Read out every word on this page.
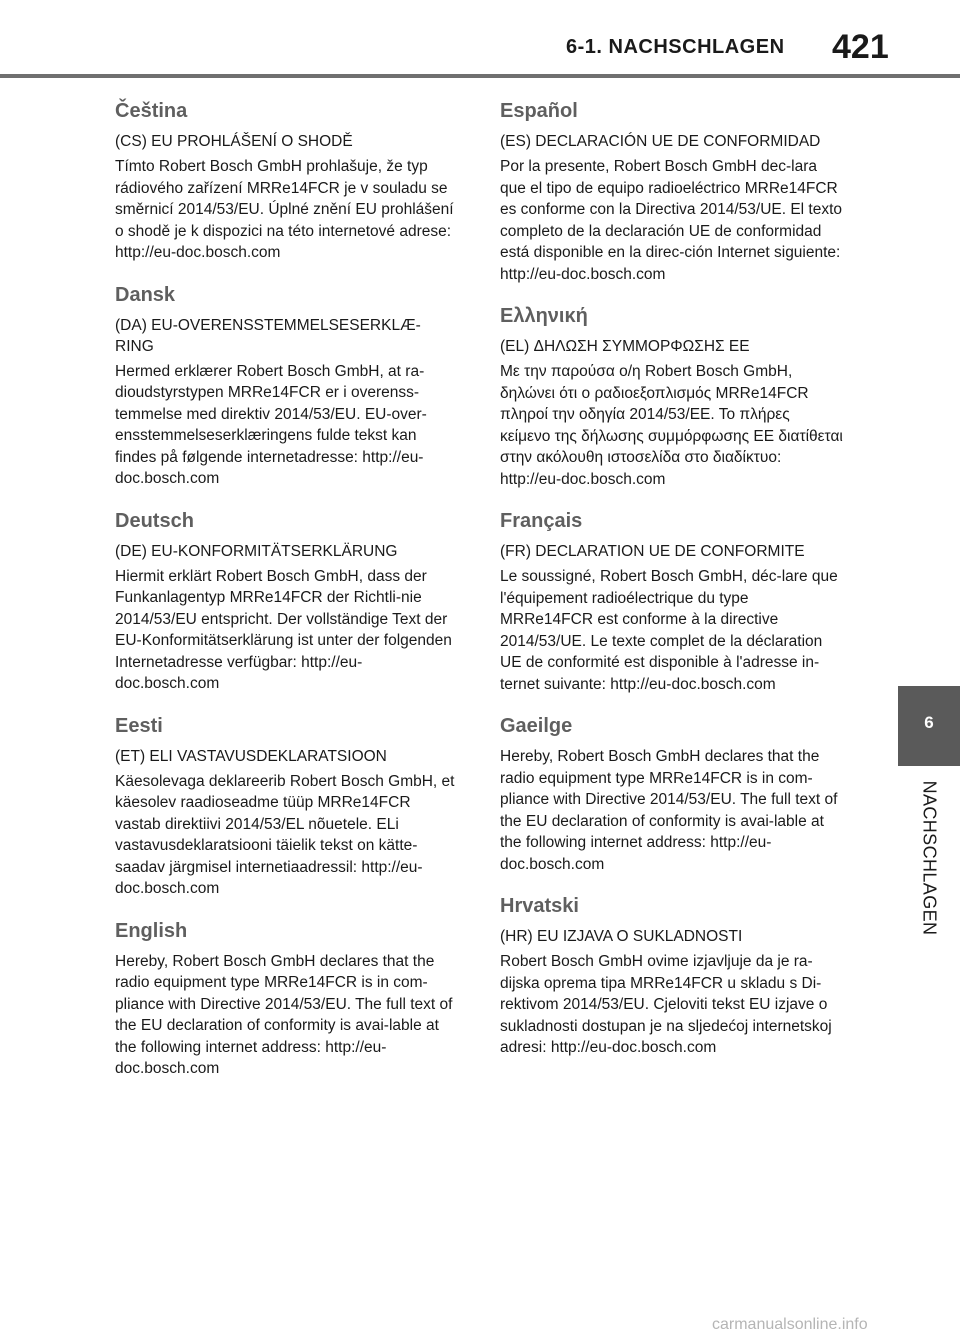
6-1. NACHSCHLAGEN 421
Čeština

(CS) EU PROHLÁŠENÍ O SHODĚ

Tímto Robert Bosch GmbH prohlašuje, že typ rádiového zařízení MRRe14FCR je v souladu se směrnicí 2014/53/EU. Úplné znění EU prohlášení o shodě je k dispozici na této internetové adrese: http://eu-doc.bosch.com

Dansk

(DA) EU-OVERENSSTEMMELSESERKLÆ-RING

Hermed erklærer Robert Bosch GmbH, at ra-dioudstyrstypen MRRe14FCR er i overenss-temmelse med direktiv 2014/53/EU. EU-over-ensstemmelseserklæringens fulde tekst kan findes på følgende internetadresse: http://eu-doc.bosch.com

Deutsch

(DE) EU-KONFORMITÄTSERKLÄRUNG

Hiermit erklärt Robert Bosch GmbH, dass der Funkanlagentyp MRRe14FCR der Richtli-nie 2014/53/EU entspricht. Der vollständige Text der EU-Konformitätserklärung ist unter der folgenden Internetadresse verfügbar: http://eu-doc.bosch.com

Eesti

(ET) ELI VASTAVUSDEKLARATSIOON

Käesolevaga deklareerib Robert Bosch GmbH, et käesolev raadioseadme tüüp MRRe14FCR vastab direktiivi 2014/53/EL nõuetele. ELi vastavusdeklaratsiooni täielik tekst on kätte-saadav järgmisel internetiaadressil: http://eu-doc.bosch.com

English

Hereby, Robert Bosch GmbH declares that the radio equipment type MRRe14FCR is in com-pliance with Directive 2014/53/EU. The full text of the EU declaration of conformity is avai-lable at the following internet address: http://eu-doc.bosch.com

Español

(ES) DECLARACIÓN UE DE CONFORMIDAD

Por la presente, Robert Bosch GmbH dec-lara que el tipo de equipo radioeléctrico MRRe14FCR es conforme con la Directiva 2014/53/UE. El texto completo de la declaración UE de conformidad está disponible en la direc-ción Internet siguiente: http://eu-doc.bosch.com

Ελληνική

(EL) ΔΗΛΩΣΗ ΣΥΜΜΟΡΦΩΣΗΣ ΕΕ

Με την παρούσα ο/η Robert Bosch GmbH, δηλώνει ότι ο ραδιοεξοπλισμός MRRe14FCR πληροί την οδηγία 2014/53/ΕΕ. Το πλήρες κείμενο της δήλωσης συμμόρφωσης ΕΕ διατίθεται στην ακόλουθη ιστοσελίδα στο διαδίκτυο: http://eu-doc.bosch.com

Français

(FR) DECLARATION UE DE CONFORMITE

Le soussigné, Robert Bosch GmbH, déc-lare que l'équipement radioélectrique du type MRRe14FCR est conforme à la directive 2014/53/UE. Le texte complet de la déclaration UE de conformité est disponible à l'adresse in-ternet suivante: http://eu-doc.bosch.com

Gaeilge

Hereby, Robert Bosch GmbH declares that the radio equipment type MRRe14FCR is in com-pliance with Directive 2014/53/EU. The full text of the EU declaration of conformity is avai-lable at the following internet address: http://eu-doc.bosch.com

Hrvatski

(HR) EU IZJAVA O SUKLADNOSTI

Robert Bosch GmbH ovime izjavljuje da je ra-dijska oprema tipa MRRe14FCR u skladu s Di-rektivom 2014/53/EU. Cjeloviti tekst EU izjave o sukladnosti dostupan je na sljedećoj internetskoj adresi: http://eu-doc.bosch.com

6
NACHSCHLAGEN
carmanualsonline.info
